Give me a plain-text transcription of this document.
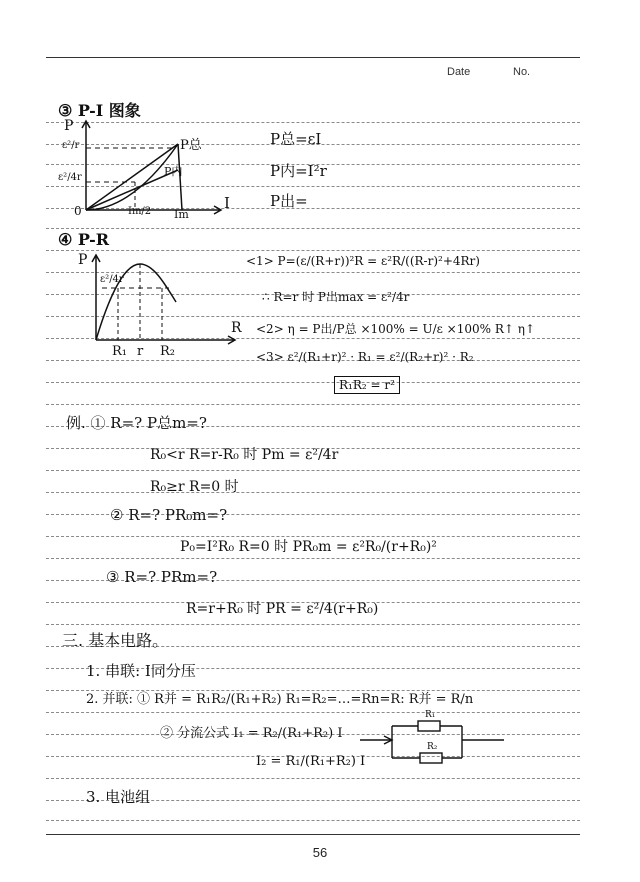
Date	No.
③ P-I 图象
P
ε²/r
ε²/4r
0	Im/2 Im
I
P总
P内
P总=εI
P内=I²r
P出=
④ P-R
P
ε²/4r
R
R₁ r R₂
<1> P=(ε/(R+r))²R = ε²R/((R-r)²+4Rr)
∴ R=r 时 P出max = ε²/4r
<2> η = P出/P总 ×100% = U/ε ×100% R↑ η↑
<3> ε²/(R₁+r)² · R₁ = ε²/(R₂+r)² · R₂
R₁R₂ = r²
例. ① R=? P总m=?
R₀<r R=r-R₀ 时 Pm = ε²/4r
R₀≥r R=0 时
② R=? PR₀m=?
P₀=I²R₀ R=0 时 PR₀m = ε²R₀/(r+R₀)²
③ R=? PRm=?
R=r+R₀ 时 PR = ε²/4(r+R₀)
三. 基本电路。
1. 串联: I同分压
2. 并联: ① R并 = R₁R₂/(R₁+R₂) R₁=R₂=…=Rn=R: R并 = R/n
② 分流公式 I₁ = R₂/(R₁+R₂) I
I₂ = R₁/(R₁+R₂) I
3. 电池组
R₁
R₂
56
